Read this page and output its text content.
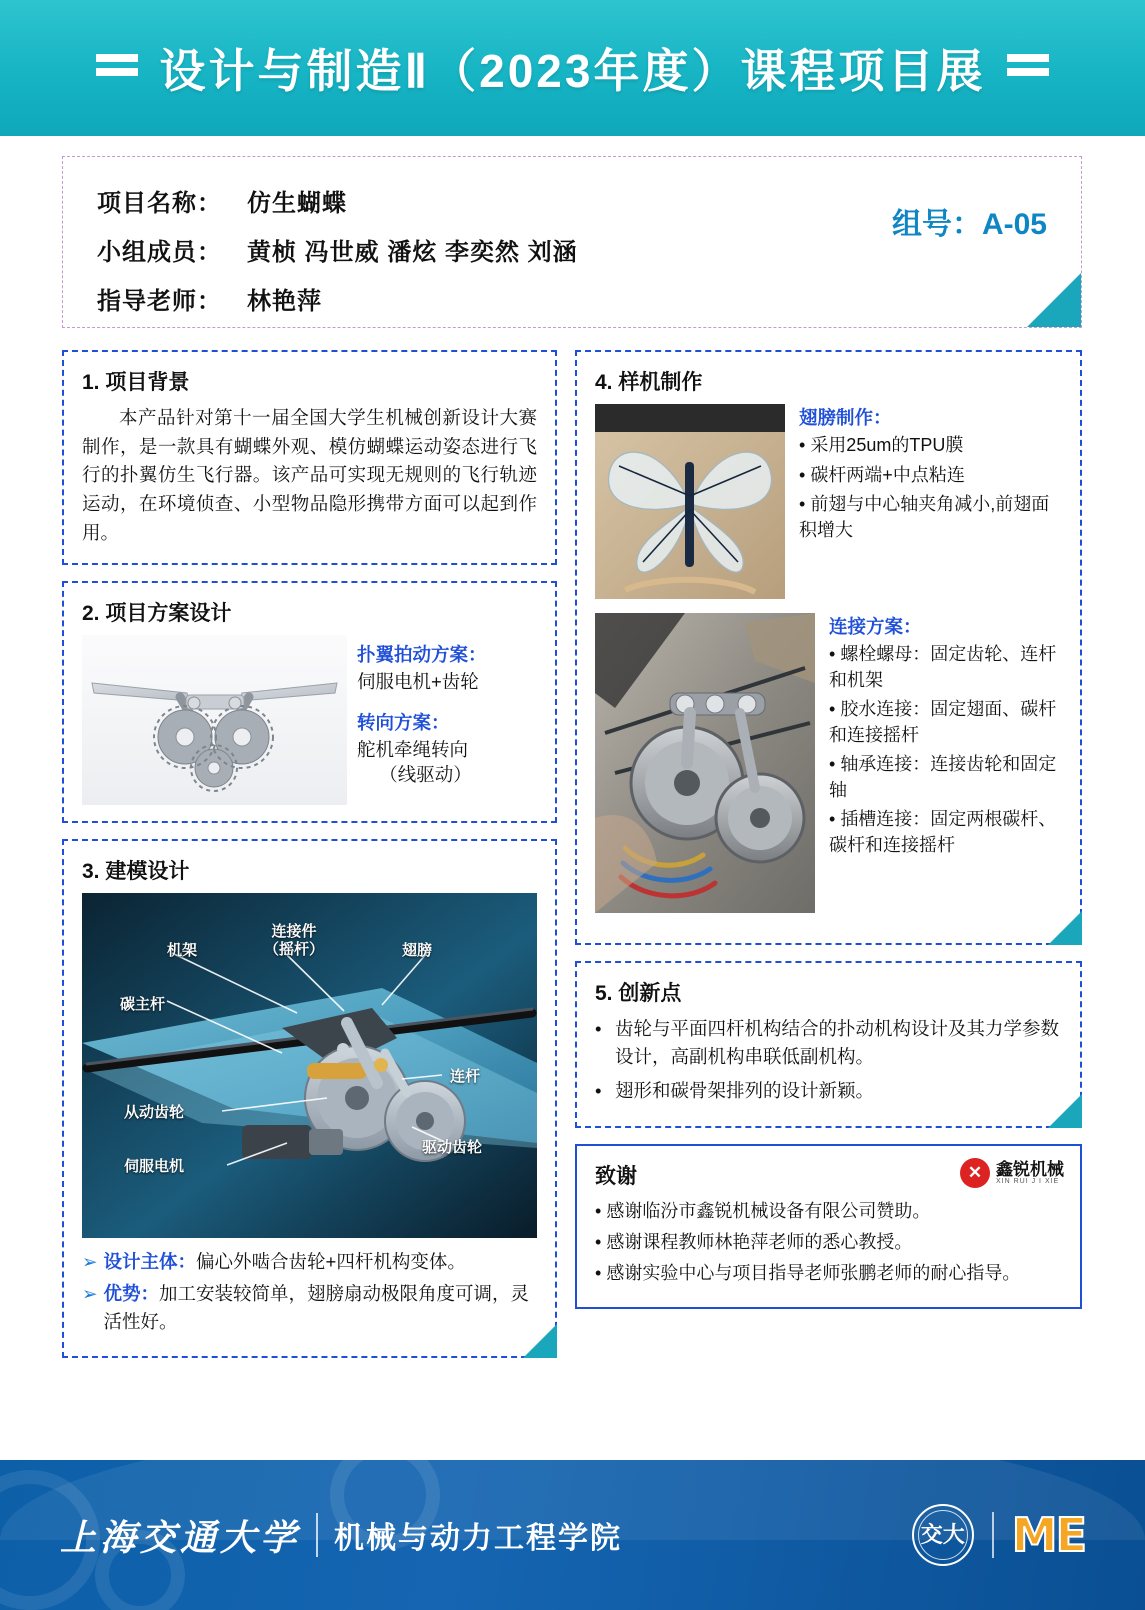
设计与制造Ⅱ（2023年度）课程项目展
项目名称：	仿生蝴蝶
小组成员：	黄桢 冯世威 潘炫 李奕然 刘涵
指导老师：	林艳萍
组号：A-05
1. 项目背景

本产品针对第十一届全国大学生机械创新设计大赛制作，是一款具有蝴蝶外观、模仿蝴蝶运动姿态进行飞行的扑翼仿生飞行器。该产品可实现无规则的飞行轨迹运动，在环境侦查、小型物品隐形携带方面可以起到作用。

2. 项目方案设计
扑翼拍动方案：
伺服电机+齿轮
转向方案：
舵机牵绳转向
（线驱动）
3. 建模设计
机架
连接件
（摇杆）	翅膀
碳主杆
连杆
从动齿轮
驱动齿轮
伺服电机
➢ 设计主体：偏心外啮合齿轮+四杆机构变体。
➢ 优势：加工安装较简单，翅膀扇动极限角度可调，灵活性好。
4. 样机制作
翅膀制作：
• 采用25um的TPU膜
• 碳杆两端+中点粘连
• 前翅与中心轴夹角减小,前翅面积增大
连接方案：
• 螺栓螺母：固定齿轮、连杆和机架
• 胶水连接：固定翅面、碳杆和连接摇杆
• 轴承连接：连接齿轮和固定轴
• 插槽连接：固定两根碳杆、碳杆和连接摇杆
5. 创新点
• 齿轮与平面四杆机构结合的扑动机构设计及其力学参数设计，高副机构串联低副机构。
• 翅形和碳骨架排列的设计新颖。
致谢	✕ 鑫锐机械
XIN RUI J I XIE
• 感谢临汾市鑫锐机械设备有限公司赞助。
• 感谢课程教师林艳萍老师的悉心教授。
• 感谢实验中心与项目指导老师张鹏老师的耐心指导。
上海交通大学 机械与动力工程学院	交大 ME
